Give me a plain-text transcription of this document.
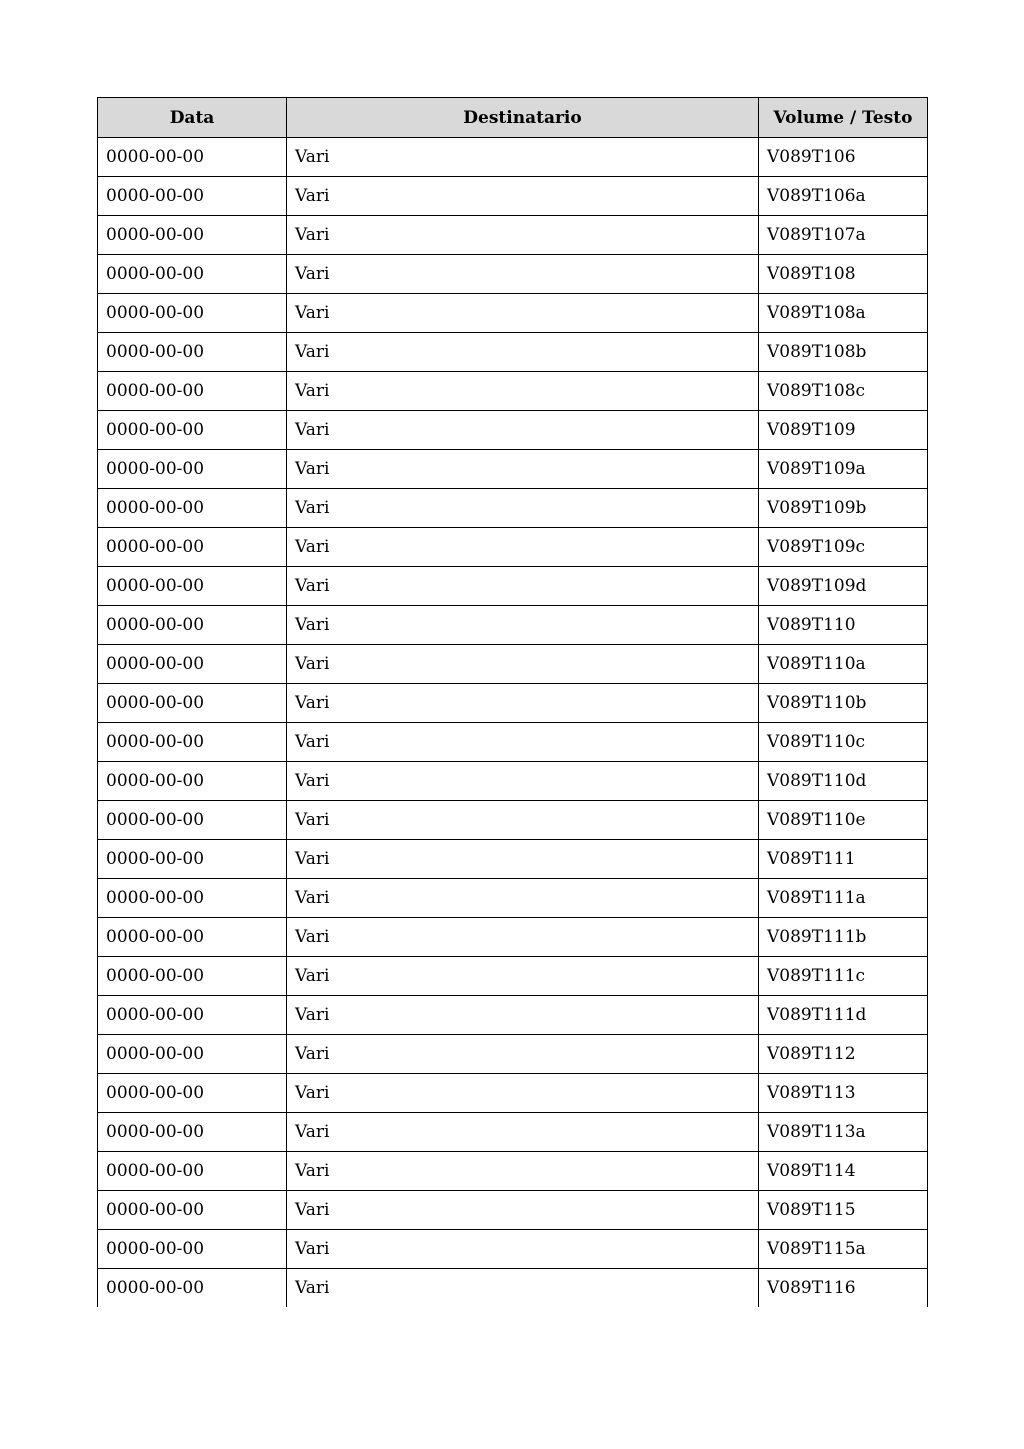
Data	Destinatario	Volume / Testo
0000-00-00	Vari	V089T106
0000-00-00	Vari	V089T106a
0000-00-00	Vari	V089T107a
0000-00-00	Vari	V089T108
0000-00-00	Vari	V089T108a
0000-00-00	Vari	V089T108b
0000-00-00	Vari	V089T108c
0000-00-00	Vari	V089T109
0000-00-00	Vari	V089T109a
0000-00-00	Vari	V089T109b
0000-00-00	Vari	V089T109c
0000-00-00	Vari	V089T109d
0000-00-00	Vari	V089T110
0000-00-00	Vari	V089T110a
0000-00-00	Vari	V089T110b
0000-00-00	Vari	V089T110c
0000-00-00	Vari	V089T110d
0000-00-00	Vari	V089T110e
0000-00-00	Vari	V089T111
0000-00-00	Vari	V089T111a
0000-00-00	Vari	V089T111b
0000-00-00	Vari	V089T111c
0000-00-00	Vari	V089T111d
0000-00-00	Vari	V089T112
0000-00-00	Vari	V089T113
0000-00-00	Vari	V089T113a
0000-00-00	Vari	V089T114
0000-00-00	Vari	V089T115
0000-00-00	Vari	V089T115a
0000-00-00	Vari	V089T116
